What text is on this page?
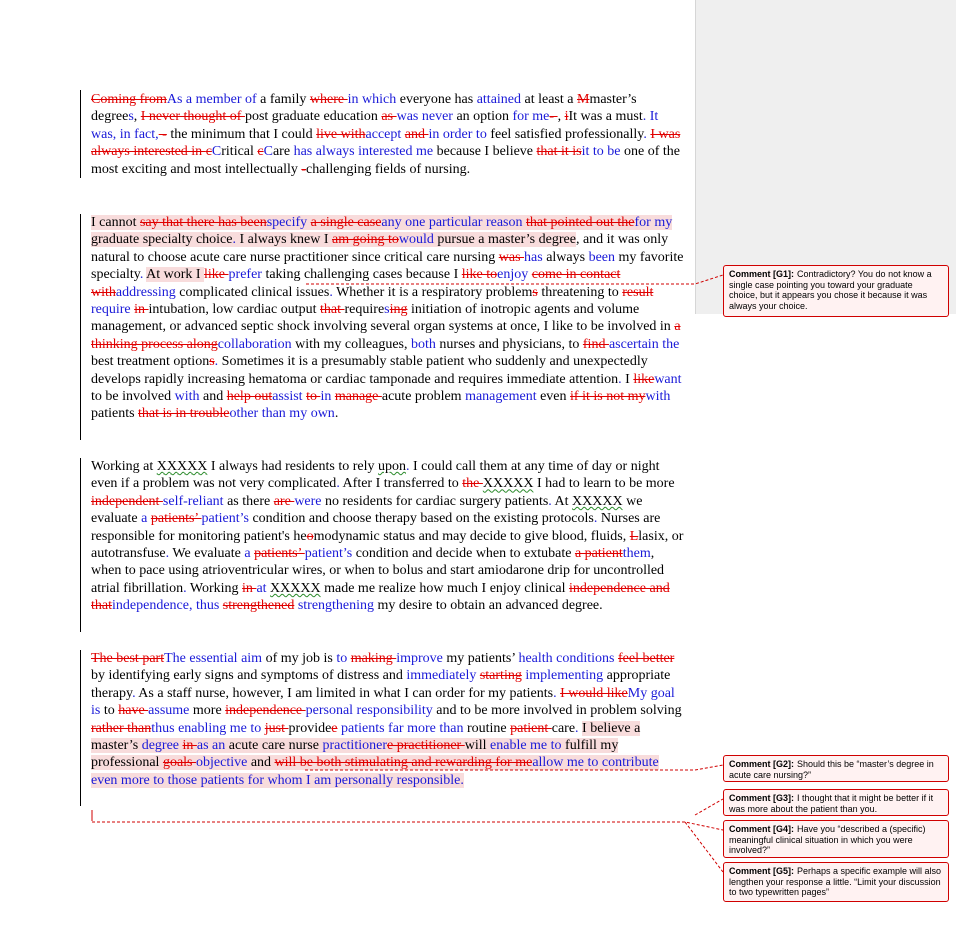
Coming fromAs a member of a family where in which everyone has attained at least a Mmaster’s degrees, I never thought of post graduate education as was never an option for me- , iIt was a must. It was, in fact, - the minimum that I could live withaccept and in order to feel satisfied professionally. I was always interested in cCritical cCare has always interested me because I believe that it isit to be one of the most exciting and most intellectually -challenging fields of nursing.
I cannot say that there has beenspecify a single caseany one particular reason that pointed out thefor my graduate specialty choice. I always knew I am going towould pursue a master’s degree, and it was only natural to choose acute care nurse practitioner since critical care nursing was has always been my favorite specialty. At work I like prefer taking challenging cases because I like toenjoy come in contact withaddressing complicated clinical issues. Whether it is a respiratory problems threatening to result require in intubation, low cardiac output that requiresing initiation of inotropic agents and volume management, or advanced septic shock involving several organ systems at once, I like to be involved in a thinking process alongcollaboration with my colleagues, both nurses and physicians, to find ascertain the best treatment options. Sometimes it is a presumably stable patient who suddenly and unexpectedly develops rapidly increasing hematoma or cardiac tamponade and requires immediate attention. I likewant to be involved with and help outassist to in manage acute problem management even if it is not mywith patients that is in troubleother than my own.
Working at XXXXX I always had residents to rely upon. I could call them at any time of day or night even if a problem was not very complicated. After I transferred to the XXXXX I had to learn to be more independent self-reliant as there are were no residents for cardiac surgery patients. At XXXXX we evaluate a patients’ patient’s condition and choose therapy based on the existing protocols. Nurses are responsible for monitoring patient's heomodynamic status and may decide to give blood, fluids, Llasix, or autotransfuse. We evaluate a patients’ patient’s condition and decide when to extubate a patientthem, when to pace using atrioventricular wires, or when to bolus and start amiodarone drip for uncontrolled atrial fibrillation. Working in at XXXXX made me realize how much I enjoy clinical independence and thatindependence, thus strengthened strengthening my desire to obtain an advanced degree.
The best partThe essential aim of my job is to making improve my patients’ health conditions feel better by identifying early signs and symptoms of distress and immediately starting implementing appropriate therapy. As a staff nurse, however, I am limited in what I can order for my patients. I would likeMy goal is to have assume more independence personal responsibility and to be more involved in problem solving rather thanthus enabling me to just providee patients far more than routine patient care. I believe a master’s degree in as an acute care nurse practitionere practitioner will enable me to fulfill my professional goals objective and will be both stimulating and rewarding for meallow me to contribute even more to those patients for whom I am personally responsible.
Comment [G1]: Contradictory? You do not know a single case pointing you toward your graduate choice, but it appears you chose it because it was always your choice.
Comment [G2]: Should this be “master’s degree in acute care nursing?”
Comment [G3]: I thought that it might be better if it was more about the patient than you.
Comment [G4]: Have you “described a (specific) meaningful clinical situation in which you were involved?”
Comment [G5]: Perhaps a specific example will also lengthen your response a little. “Limit your discussion to two typewritten pages”
